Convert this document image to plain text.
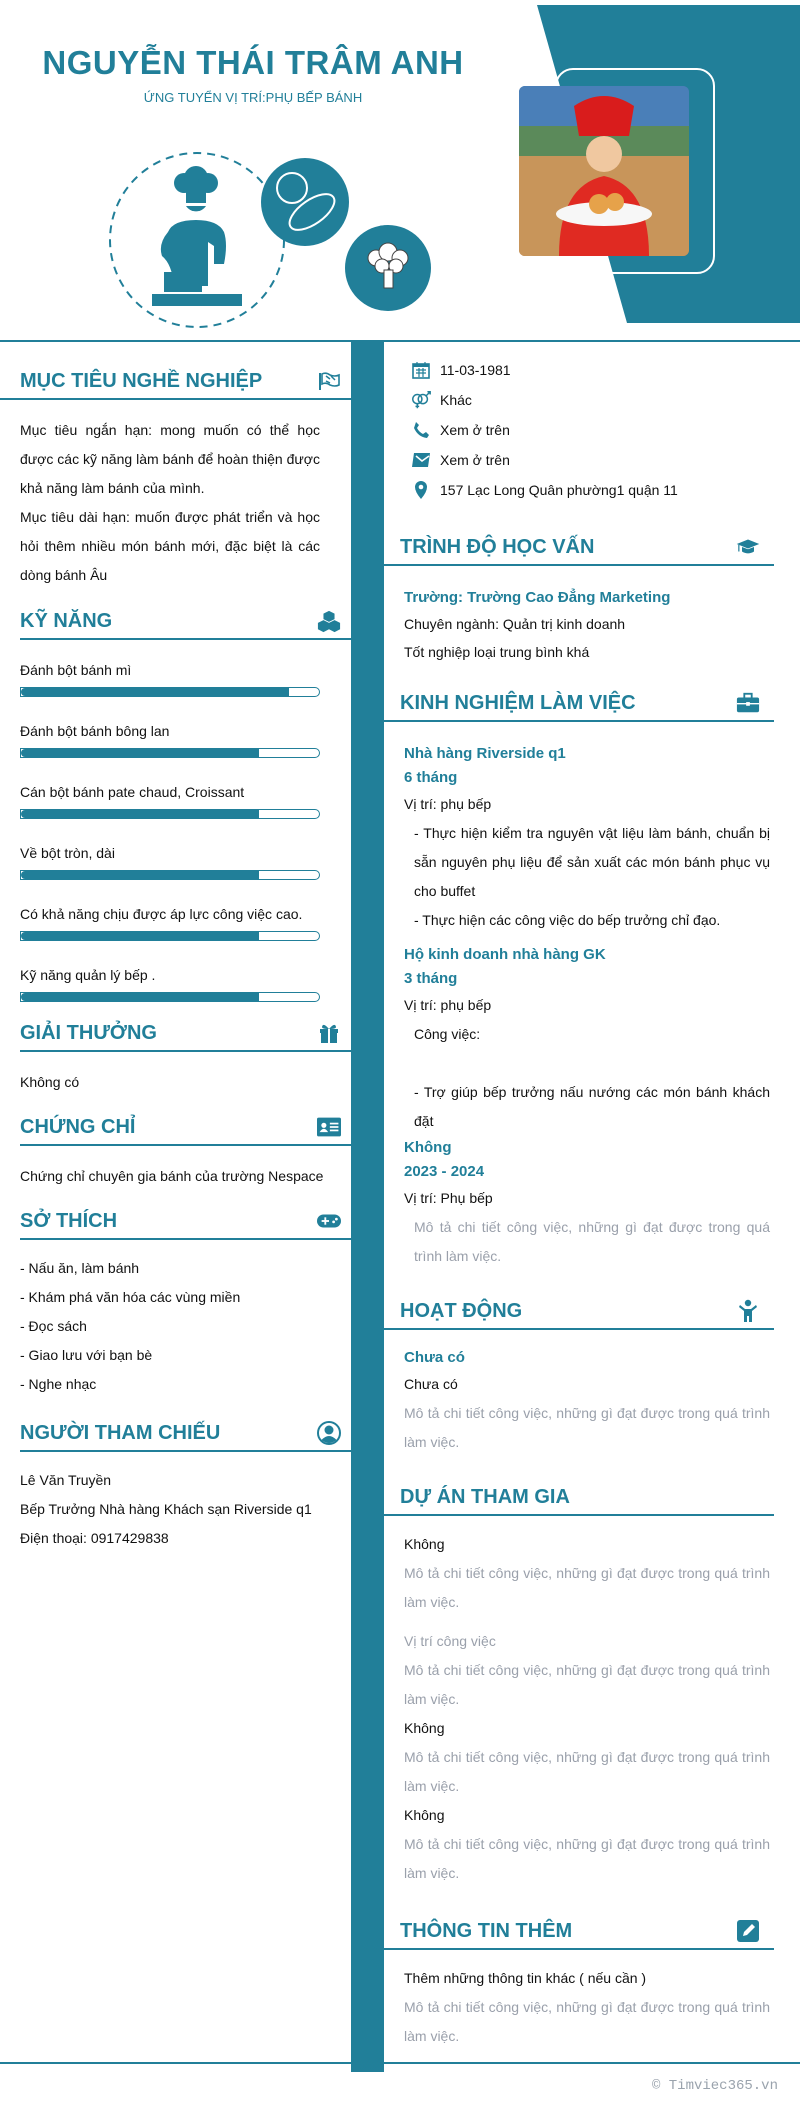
NGUYỄN THÁI TRÂM ANH
ỨNG TUYỂN VỊ TRÍ:PHỤ BẾP BÁNH
MỤC TIÊU NGHỀ NGHIỆP

Mục tiêu ngắn hạn: mong muốn có thể học được các kỹ năng làm bánh để hoàn thiện được khả năng làm bánh của mình.

Mục tiêu dài hạn: muốn được phát triển và học hỏi thêm nhiều món bánh mới, đặc biệt là các dòng bánh Âu

KỸ NĂNG
Đánh bột bánh mì
Đánh bột bánh bông lan
Cán bột bánh pate chaud, Croissant
Về bột tròn, dài
Có khả năng chịu được áp lực công việc cao.
Kỹ năng quản lý bếp .
GIẢI THƯỞNG
Không có
CHỨNG CHỈ
Chứng chỉ chuyên gia bánh của trường Nespace
SỞ THÍCH
- Nấu ăn, làm bánh
- Khám phá văn hóa các vùng miền
- Đọc sách
- Giao lưu với bạn bè
- Nghe nhạc
NGƯỜI THAM CHIẾU
Lê Văn Truyền
Bếp Trưởng Nhà hàng Khách sạn Riverside q1
Điện thoại: 0917429838
11-03-1981
Khác
Xem ở trên
Xem ở trên
157 Lạc Long Quân phường1 quận 11
TRÌNH ĐỘ HỌC VẤN
Trường: Trường Cao Đẳng Marketing
Chuyên ngành: Quản trị kinh doanh
Tốt nghiệp loại trung bình khá
KINH NGHIỆM LÀM VIỆC
Nhà hàng Riverside q1
6 tháng
Vị trí: phụ bếp
- Thực hiện kiểm tra nguyên vật liệu làm bánh, chuẩn bị sẵn nguyên phụ liệu để sản xuất các món bánh phục vụ cho buffet
- Thực hiện các công việc do bếp trưởng chỉ đạo.
Hộ kinh doanh nhà hàng GK
3 tháng
Vị trí: phụ bếp
Công việc:
- Trợ giúp bếp trưởng nấu nướng các món bánh khách đặt
Không
2023 - 2024
Vị trí: Phụ bếp
Mô tả chi tiết công việc, những gì đạt được trong quá trình làm việc.
HOẠT ĐỘNG
Chưa có
Chưa có
Mô tả chi tiết công việc, những gì đạt được trong quá trình làm việc.
DỰ ÁN THAM GIA
Không
Mô tả chi tiết công việc, những gì đạt được trong quá trình làm việc.
Vị trí công việc
Mô tả chi tiết công việc, những gì đạt được trong quá trình làm việc.
Không
Mô tả chi tiết công việc, những gì đạt được trong quá trình làm việc.
Không
Mô tả chi tiết công việc, những gì đạt được trong quá trình làm việc.
THÔNG TIN THÊM
Thêm những thông tin khác ( nếu cần )
Mô tả chi tiết công việc, những gì đạt được trong quá trình làm việc.
© Timviec365.vn
